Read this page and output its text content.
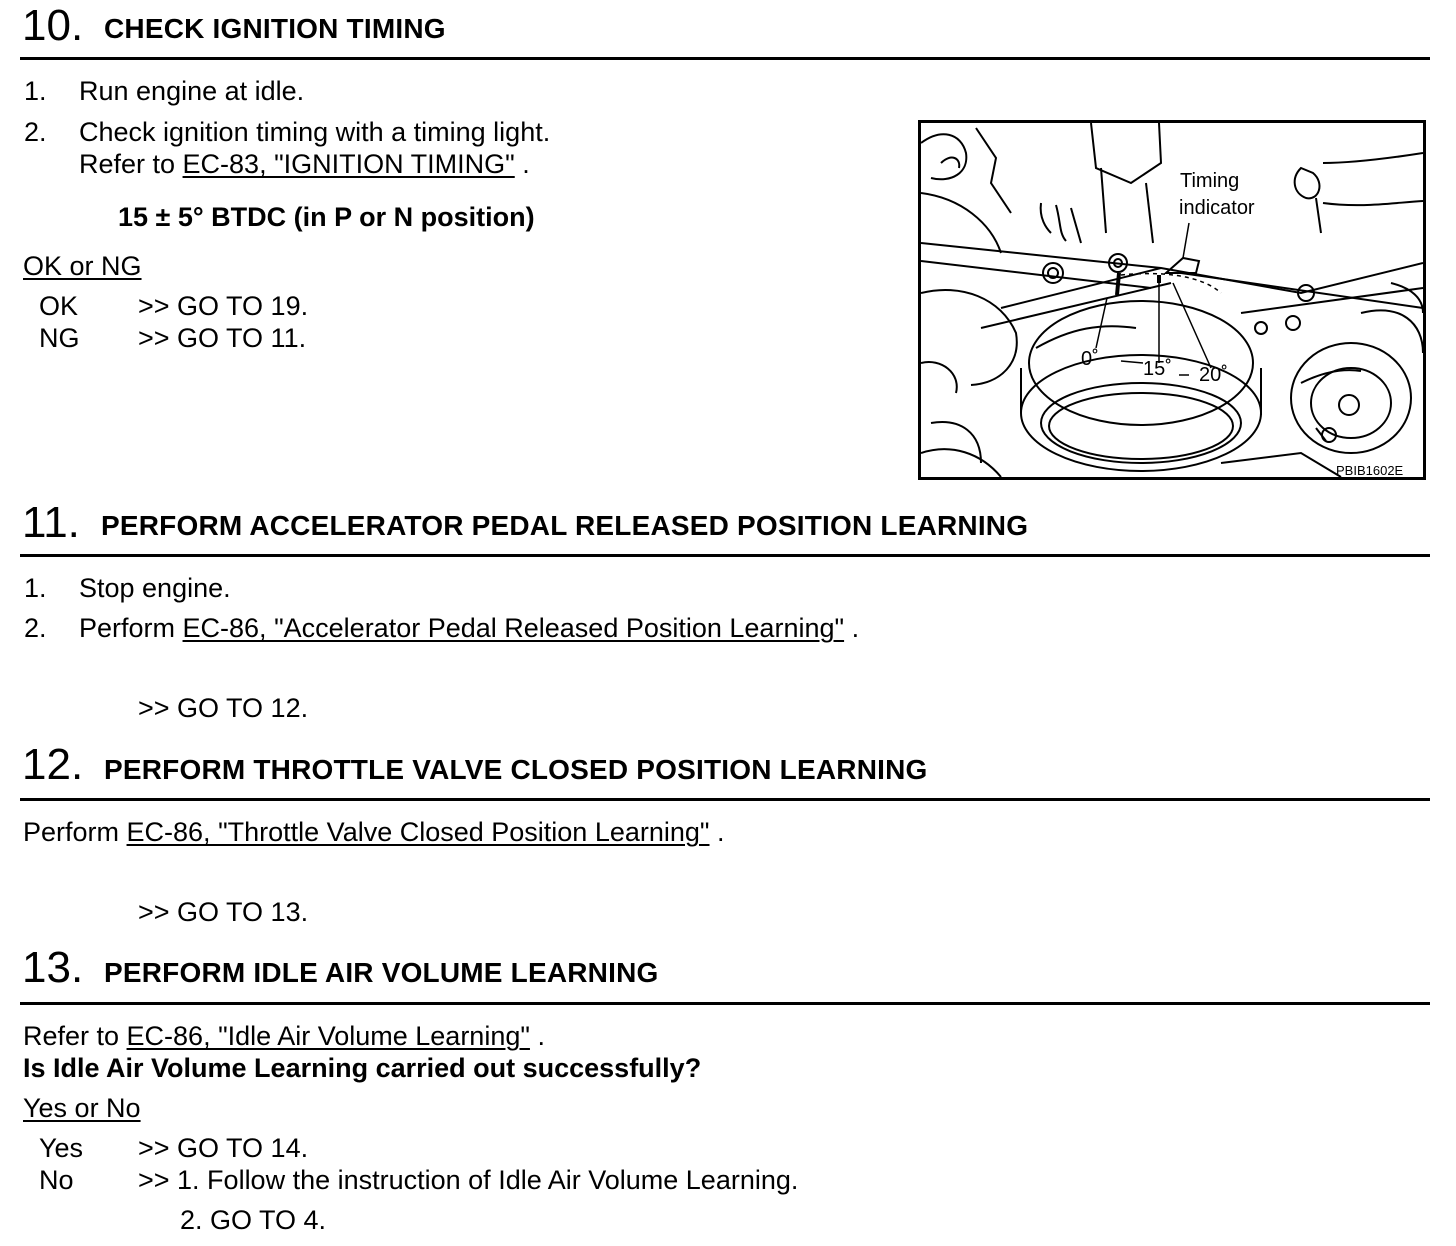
10. CHECK IGNITION TIMING
1. Run engine at idle.
2. Check ignition timing with a timing light.
Refer to EC-83, "IGNITION TIMING" .
15 ± 5° BTDC (in P or N position)
OK or NG
OK >> GO TO 19.
NG >> GO TO 11.
Timing
indicator
0˚ 15˚ 20˚
PBIB1602E
11. PERFORM ACCELERATOR PEDAL RELEASED POSITION LEARNING
1. Stop engine.
2. Perform EC-86, "Accelerator Pedal Released Position Learning" .
>> GO TO 12.
12. PERFORM THROTTLE VALVE CLOSED POSITION LEARNING
Perform EC-86, "Throttle Valve Closed Position Learning" .
>> GO TO 13.
13. PERFORM IDLE AIR VOLUME LEARNING
Refer to EC-86, "Idle Air Volume Learning" .
Is Idle Air Volume Learning carried out successfully?
Yes or No
Yes >> GO TO 14.
No >> 1. Follow the instruction of Idle Air Volume Learning.
2. GO TO 4.
